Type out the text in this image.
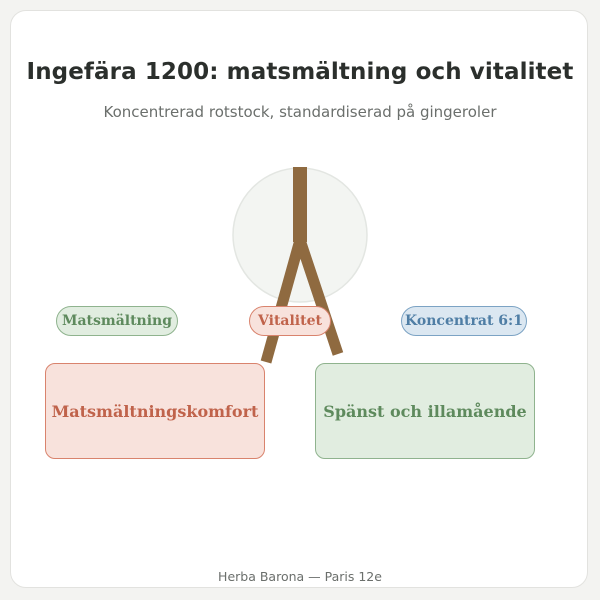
Ingefära 1200: matsmältning och vitalitet
Koncentrerad rotstock, standardiserad på gingeroler
Matsmältning	Vitalitet	Koncentrat 6:1
Matsmältningskomfort	Spänst och illamående
Herba Barona — Paris 12e
